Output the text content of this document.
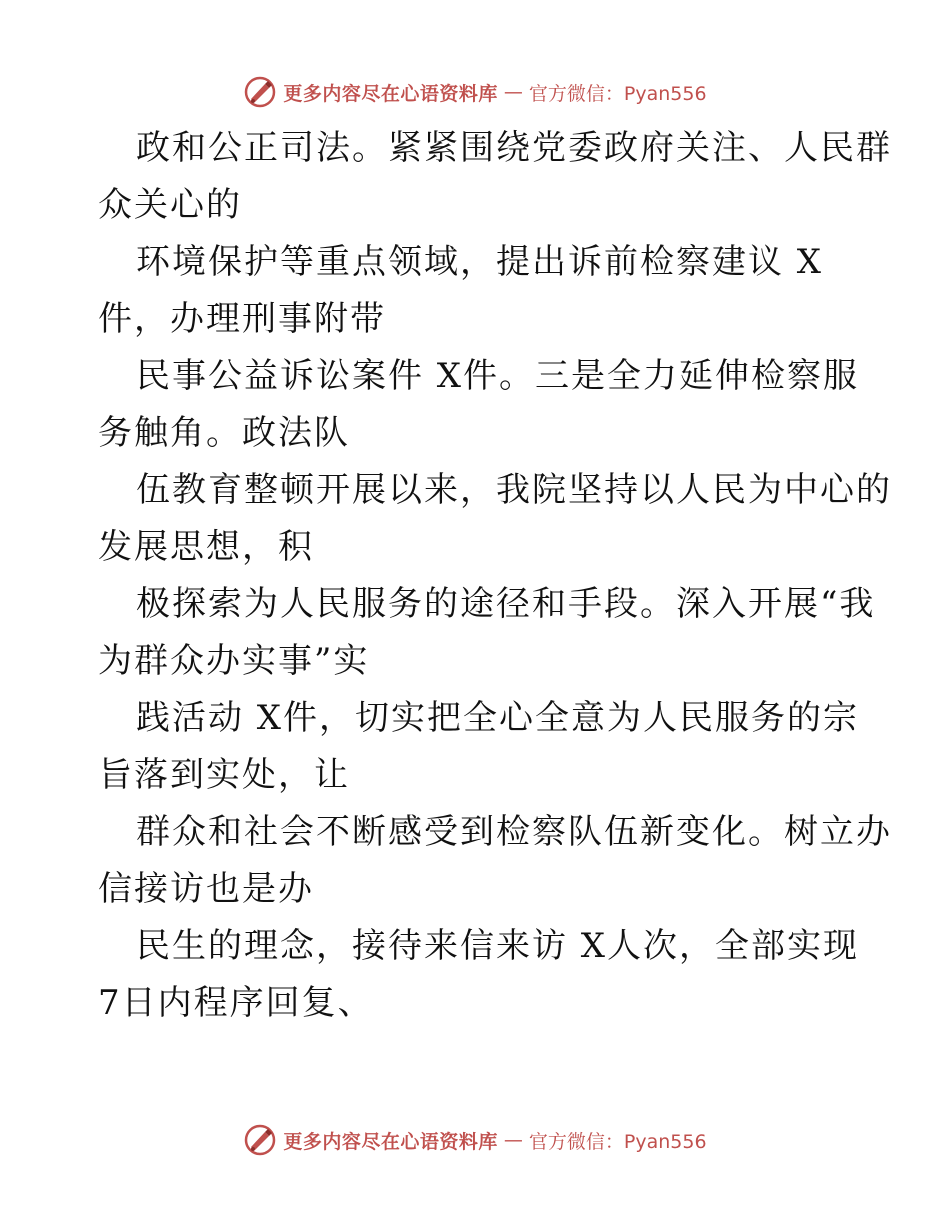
更多内容尽在心语资料库 — 官方微信：Pyan556

政和公正司法。紧紧围绕党委政府关注、人民群
众关心的

环境保护等重点领域，提出诉前检察建议 X
件，办理刑事附带

民事公益诉讼案件 X件。三是全力延伸检察服
务触角。政法队

伍教育整顿开展以来，我院坚持以人民为中心的
发展思想，积

极探索为人民服务的途径和手段。深入开展“我
为群众办实事”实

践活动 X件，切实把全心全意为人民服务的宗
旨落到实处，让

群众和社会不断感受到检察队伍新变化。树立办
信接访也是办

民生的理念，接待来信来访 X人次，全部实现
7日内程序回复、

更多内容尽在心语资料库 — 官方微信：Pyan556
